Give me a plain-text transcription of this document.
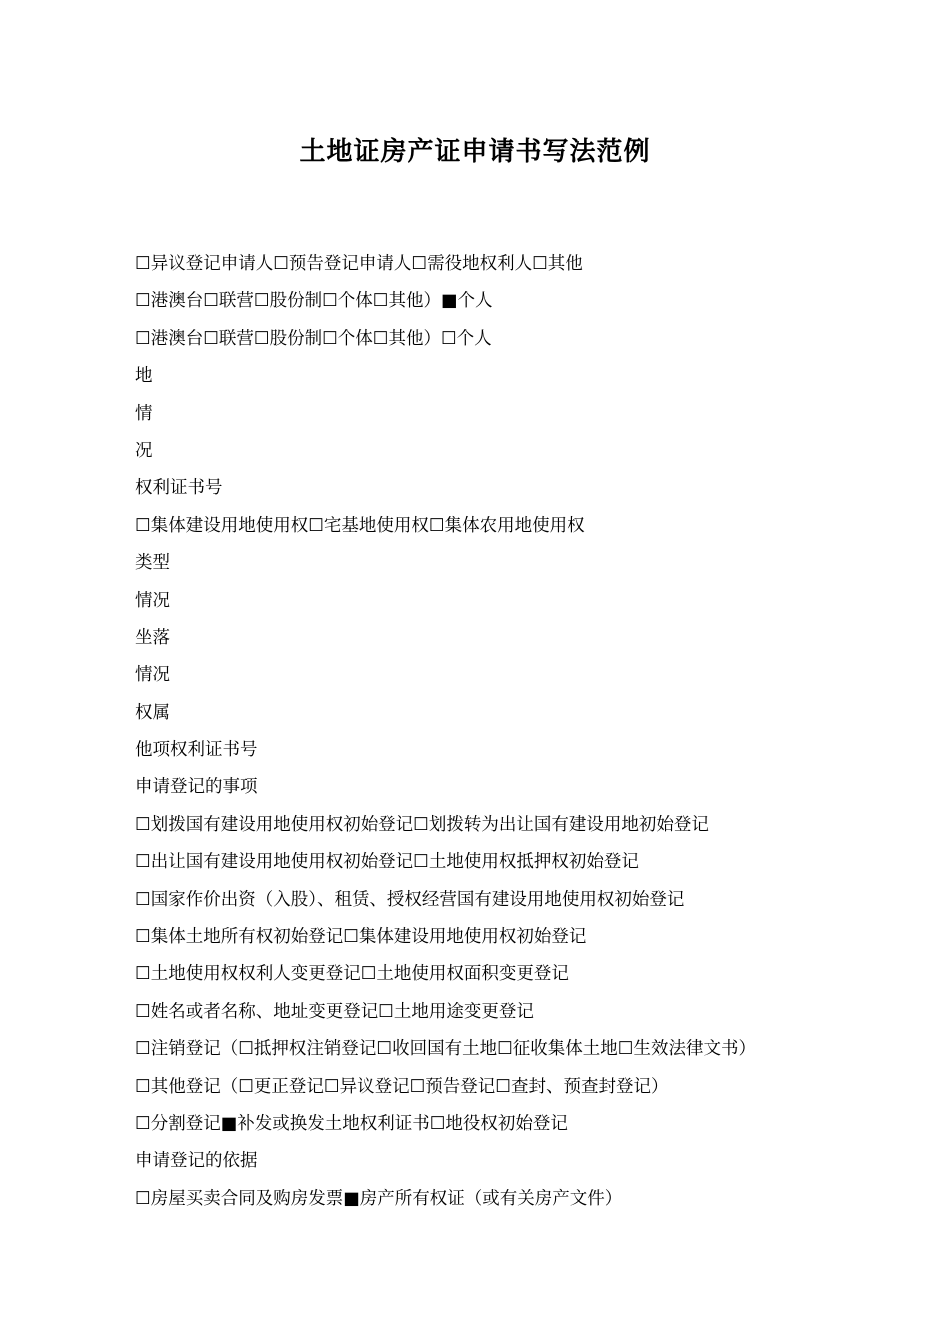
土地证房产证申请书写法范例
☐异议登记申请人☐预告登记申请人☐需役地权利人☐其他
☐港澳台☐联营☐股份制☐个体☐其他）■个人
☐港澳台☐联营☐股份制☐个体☐其他）☐个人
地
情
况
权利证书号
☐集体建设用地使用权☐宅基地使用权☐集体农用地使用权
类型
情况
坐落
情况
权属
他项权利证书号
申请登记的事项
☐划拨国有建设用地使用权初始登记☐划拨转为出让国有建设用地初始登记
☐出让国有建设用地使用权初始登记☐土地使用权抵押权初始登记
☐国家作价出资（入股）、租赁、授权经营国有建设用地使用权初始登记
☐集体土地所有权初始登记☐集体建设用地使用权初始登记
☐土地使用权权利人变更登记☐土地使用权面积变更登记
☐姓名或者名称、地址变更登记☐土地用途变更登记
☐注销登记（☐抵押权注销登记☐收回国有土地☐征收集体土地☐生效法律文书）
☐其他登记（☐更正登记☐异议登记☐预告登记☐查封、预查封登记）
☐分割登记■补发或换发土地权利证书☐地役权初始登记
申请登记的依据
☐房屋买卖合同及购房发票■房产所有权证（或有关房产文件）
